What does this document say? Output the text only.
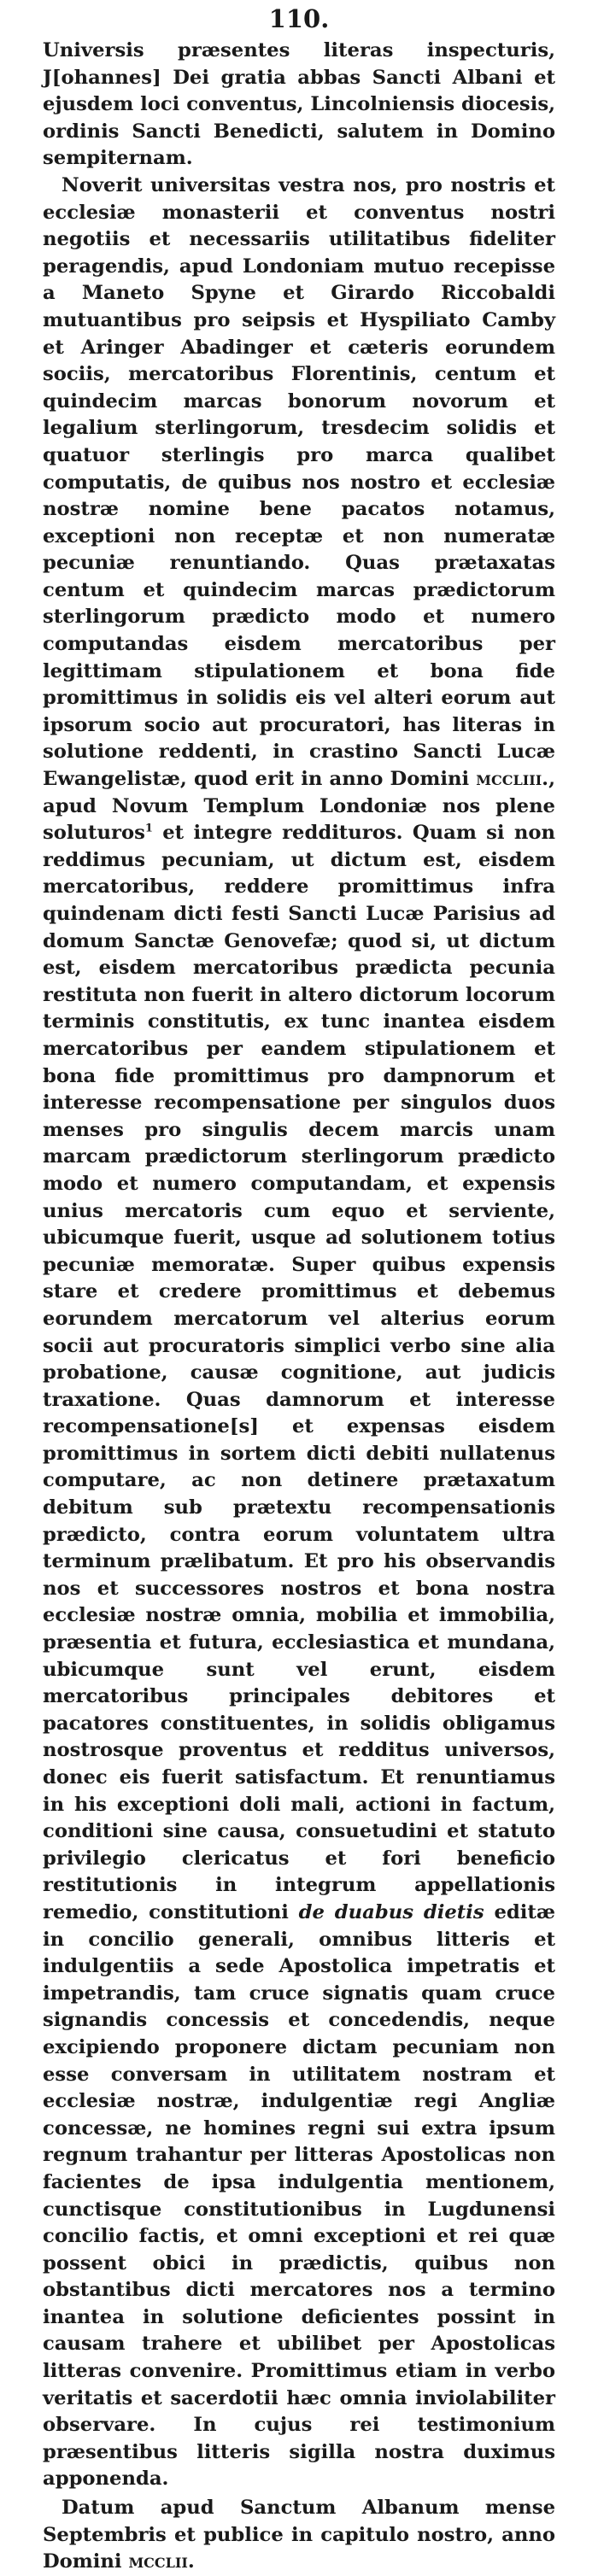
110.

Universis præsentes literas inspecturis, J[ohannes] Dei gratia abbas Sancti Albani et ejusdem loci conventus, Lincolniensis diocesis, ordinis Sancti Benedicti, salutem in Domino sempiternam.

Noverit universitas vestra nos, pro nostris et ecclesiæ monasterii et conventus nostri negotiis et necessariis utilitatibus fideliter peragendis, apud Londoniam mutuo recepisse a Maneto Spyne et Girardo Riccobaldi mutuantibus pro seipsis et Hyspiliato Camby et Aringer Abadinger et cæteris eorundem sociis, mercatoribus Florentinis, centum et quindecim marcas bonorum novorum et legalium sterlingorum, tresdecim solidis et quatuor sterlingis pro marca qualibet computatis, de quibus nos nostro et ecclesiæ nostræ nomine bene pacatos notamus, exceptioni non receptæ et non numeratæ pecuniæ renuntiando. Quas prætaxatas centum et quindecim marcas prædictorum sterlingorum prædicto modo et numero computandas eisdem mercatoribus per legittimam stipulationem et bona fide promittimus in solidis eis vel alteri eorum aut ipsorum socio aut procuratori, has literas in solutione reddenti, in crastino Sancti Lucæ Ewangelistæ, quod erit in anno Domini mccliii., apud Novum Templum Londoniæ nos plene soluturos$^1$ et integre reddituros. Quam si non reddimus pecuniam, ut dictum est, eisdem mercatoribus, reddere promittimus infra quindenam dicti festi Sancti Lucæ Parisius ad domum Sanctæ Genovefæ; quod si, ut dictum est, eisdem mercatoribus prædicta pecunia restituta non fuerit in altero dictorum locorum terminis constitutis, ex tunc inantea eisdem mercatoribus per eandem stipulationem et bona fide promittimus pro dampnorum et interesse recompensatione per singulos duos menses pro singulis decem marcis unam marcam prædictorum sterlingorum prædicto modo et numero computandam, et expensis unius mercatoris cum equo et serviente, ubicumque fuerit, usque ad solutionem totius pecuniæ memoratæ. Super quibus expensis stare et credere promittimus et debemus eorundem mercatorum vel alterius eorum socii aut procuratoris simplici verbo sine alia probatione, causæ cognitione, aut judicis traxatione. Quas damnorum et interesse recompensatione[s] et expensas eisdem promittimus in sortem dicti debiti nullatenus computare, ac non detinere prætaxatum debitum sub prætextu recompensationis prædicto, contra eorum voluntatem ultra terminum prælibatum. Et pro his observandis nos et successores nostros et bona nostra ecclesiæ nostræ omnia, mobilia et immobilia, præsentia et futura, ecclesiastica et mundana, ubicumque sunt vel erunt, eisdem mercatoribus principales debitores et pacatores constituentes, in solidis obligamus nostrosque proventus et redditus universos, donec eis fuerit satisfactum. Et renuntiamus in his exceptioni doli mali, actioni in factum, conditioni sine causa, consuetudini et statuto privilegio clericatus et fori beneficio restitutionis in integrum appellationis remedio, constitutioni de duabus dietis editæ in concilio generali, omnibus litteris et indulgentiis a sede Apostolica impetratis et impetrandis, tam cruce signatis quam cruce signandis concessis et concedendis, neque excipiendo proponere dictam pecuniam non esse conversam in utilitatem nostram et ecclesiæ nostræ, indulgentiæ regi Angliæ concessæ, ne homines regni sui extra ipsum regnum trahantur per litteras Apostolicas non facientes de ipsa indulgentia mentionem, cunctisque constitutionibus in Lugdunensi concilio factis, et omni exceptioni et rei quæ possent obici in prædictis, quibus non obstantibus dicti mercatores nos a termino inantea in solutione deficientes possint in causam trahere et ubilibet per Apostolicas litteras convenire. Promittimus etiam in verbo veritatis et sacerdotii hæc omnia inviolabiliter observare. In cujus rei testimonium præsentibus litteris sigilla nostra duximus apponenda.

Datum apud Sanctum Albanum mense Septembris et publice in capitulo nostro, anno Domini mcclii.
